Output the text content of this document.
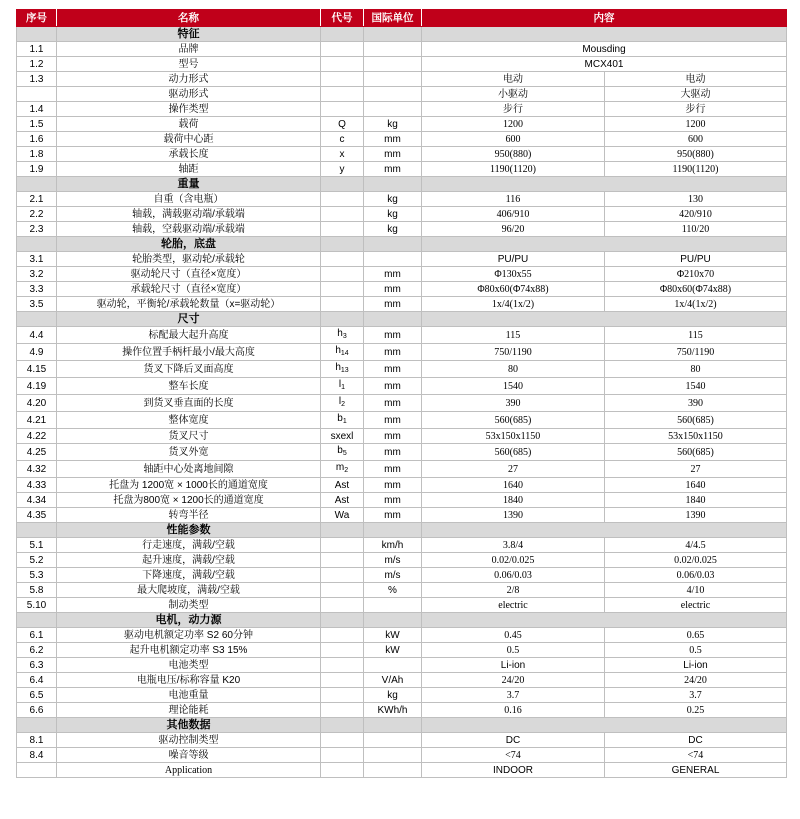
序号	名称	代号	国际单位	内容	
	特征				
1.1	品牌			Mousding	
1.2	型号			MCX401	
1.3	动力形式			电动	电动
	驱动形式			小驱动	大驱动
1.4	操作类型			步行	步行
1.5	载荷	Q	kg	1200	1200
1.6	载荷中心距	c	mm	600	600
1.8	承载长度	x	mm	950(880)	950(880)
1.9	轴距	y	mm	1190(1120)	1190(1120)
	重量				
2.1	自重（含电瓶）		kg	116	130
2.2	轴载，满载驱动端/承载端		kg	406/910	420/910
2.3	轴载，空载驱动端/承载端		kg	96/20	110/20
	轮胎，底盘				
3.1	轮胎类型，驱动轮/承载轮			PU/PU	PU/PU
3.2	驱动轮尺寸（直径×宽度）		mm	Φ130x55	Φ210x70
3.3	承载轮尺寸（直径×宽度）		mm	Φ80x60(Φ74x88)	Φ80x60(Φ74x88)
3.5	驱动轮，平衡轮/承载轮数量（x=驱动轮）		mm	1x/4(1x/2)	1x/4(1x/2)
	尺寸				
4.4	标配最大起升高度	$h_3$	mm	115	115
4.9	操作位置手柄杆最小/最大高度	$h_{14}$	mm	750/1190	750/1190
4.15	货叉下降后叉面高度	$h_{13}$	mm	80	80
4.19	整车长度	$l_1$	mm	1540	1540
4.20	到货叉垂直面的长度	$l_2$	mm	390	390
4.21	整体宽度	$b_1$	mm	560(685)	560(685)
4.22	货叉尺寸	sxexl	mm	53x150x1150	53x150x1150
4.25	货叉外宽	$b_5$	mm	560(685)	560(685)
4.32	轴距中心处离地间隙	$m_2$	mm	27	27
4.33	托盘为 1200宽 × 1000长的通道宽度	Ast	mm	1640	1640
4.34	托盘为800宽 × 1200长的通道宽度	Ast	mm	1840	1840
4.35	转弯半径	Wa	mm	1390	1390
	性能参数				
5.1	行走速度，满载/空载		km/h	3.8/4	4/4.5
5.2	起升速度，满载/空载		m/s	0.02/0.025	0.02/0.025
5.3	下降速度，满载/空载		m/s	0.06/0.03	0.06/0.03
5.8	最大爬坡度，满载/空载		%	2/8	4/10
5.10	制动类型			electric	electric
	电机，动力源				
6.1	驱动电机额定功率 S2 60分钟		kW	0.45	0.65
6.2	起升电机额定功率 S3 15%		kW	0.5	0.5
6.3	电池类型			Li-ion	Li-ion
6.4	电瓶电压/标称容量 K20		V/Ah	24/20	24/20
6.5	电池重量		kg	3.7	3.7
6.6	理论能耗		KWh/h	0.16	0.25
	其他数据				
8.1	驱动控制类型			DC	DC
8.4	噪音等级			<74	<74
	Application			INDOOR	GENERAL
